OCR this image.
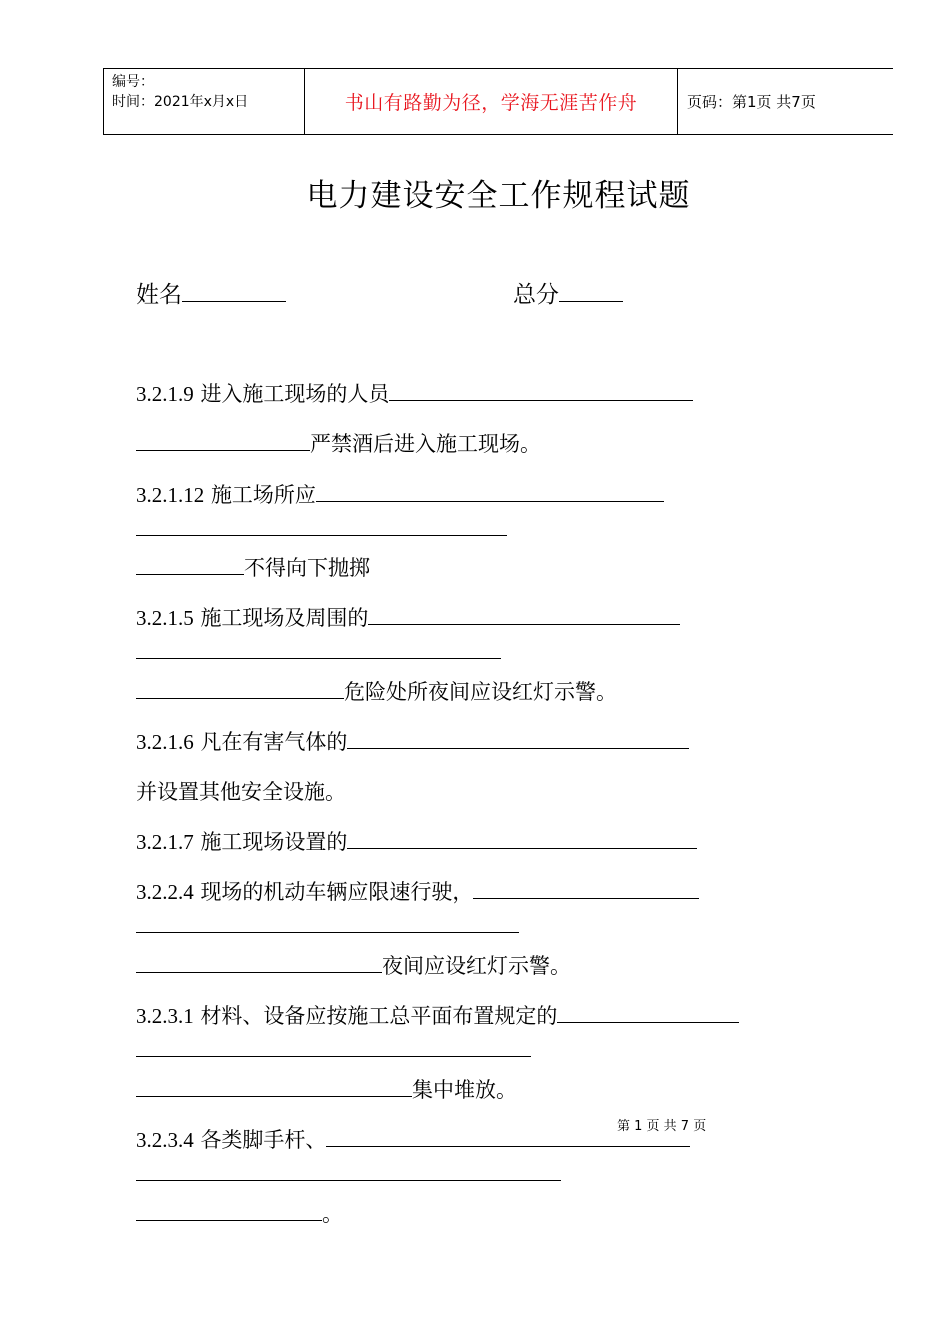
编号：
时间：2021年x月x日	书山有路勤为径，学海无涯苦作舟	页码：第1页 共7页
电力建设安全工作规程试题
姓名	总分
3.2.1.9 进入施工现场的人员
严禁酒后进入施工现场。
3.2.1.12 施工场所应
不得向下抛掷
3.2.1.5 施工现场及周围的
危险处所夜间应设红灯示警。
3.2.1.6 凡在有害气体的
并设置其他安全设施。
3.2.1.7 施工现场设置的
3.2.2.4 现场的机动车辆应限速行驶，
夜间应设红灯示警。
3.2.3.1 材料、设备应按施工总平面布置规定的
集中堆放。
3.2.3.4 各类脚手杆、
。
第 1 页 共 7 页
